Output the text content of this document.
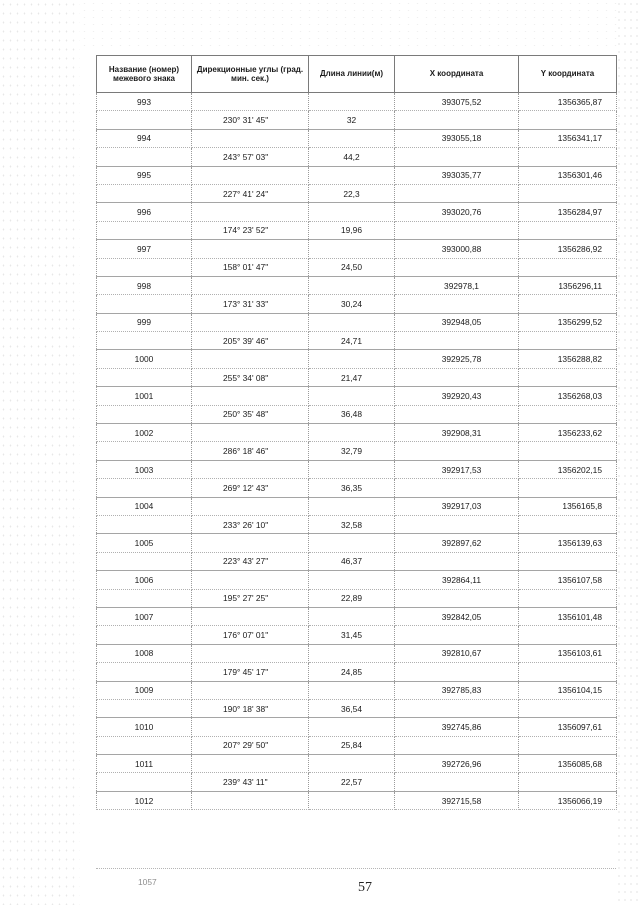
Название (номер) межевого знака	Дирекционные углы (град. мин. сек.)	Длина линии(м)	X координата	Y координата
993			393075,52	1356365,87
	230° 31' 45"	32		
994			393055,18	1356341,17
	243° 57' 03"	44,2		
995			393035,77	1356301,46
	227° 41' 24"	22,3		
996			393020,76	1356284,97
	174° 23' 52"	19,96		
997			393000,88	1356286,92
	158° 01' 47"	24,50		
998			392978,1	1356296,11
	173° 31' 33"	30,24		
999			392948,05	1356299,52
	205° 39' 46"	24,71		
1000			392925,78	1356288,82
	255° 34' 08"	21,47		
1001			392920,43	1356268,03
	250° 35' 48"	36,48		
1002			392908,31	1356233,62
	286° 18' 46"	32,79		
1003			392917,53	1356202,15
	269° 12' 43"	36,35		
1004			392917,03	1356165,8
	233° 26' 10"	32,58		
1005			392897,62	1356139,63
	223° 43' 27"	46,37		
1006			392864,11	1356107,58
	195° 27' 25"	22,89		
1007			392842,05	1356101,48
	176° 07' 01"	31,45		
1008			392810,67	1356103,61
	179° 45' 17"	24,85		
1009			392785,83	1356104,15
	190° 18' 38"	36,54		
1010			392745,86	1356097,61
	207° 29' 50"	25,84		
1011			392726,96	1356085,68
	239° 43' 11"	22,57		
1012			392715,58	1356066,19
1057	57
